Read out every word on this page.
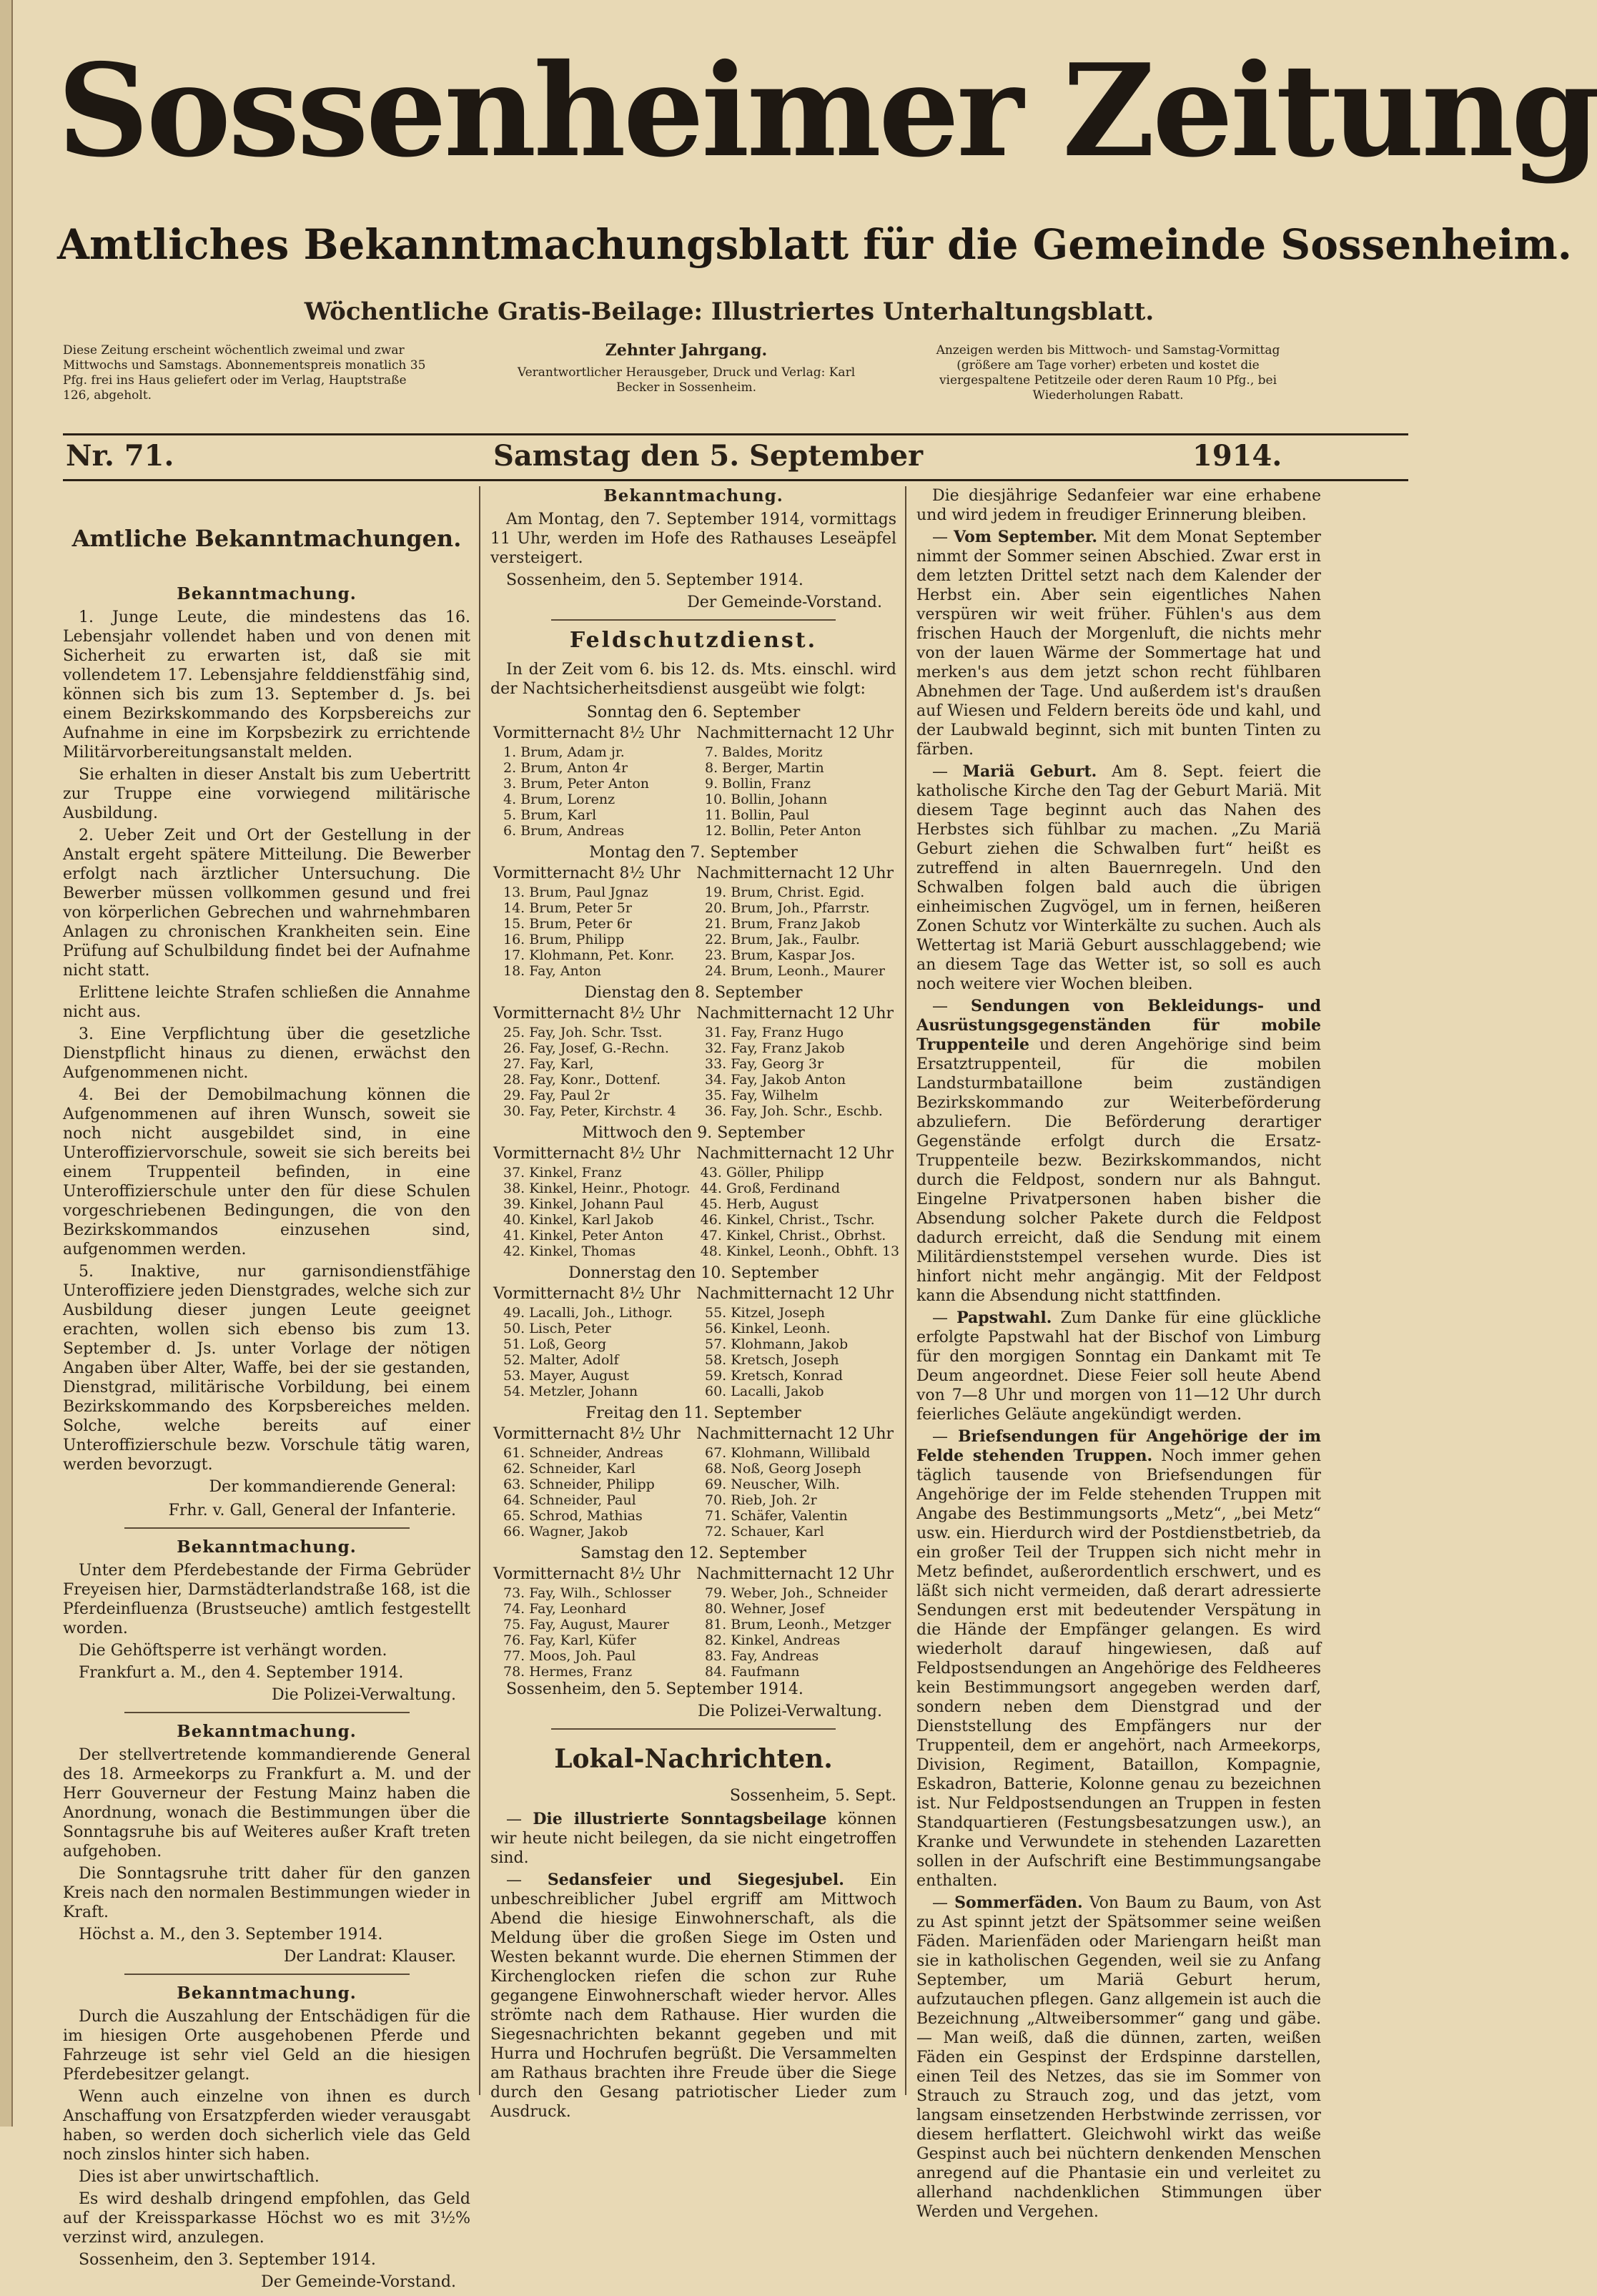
Sossenheimer Zeitung
Amtliches Bekanntmachungsblatt für die Gemeinde Sossenheim.
Wöchentliche Gratis-Beilage: Illustriertes Unterhaltungsblatt.
Diese Zeitung erscheint wöchentlich zweimal und zwar Mittwochs und Samstags. Abonnementspreis monatlich 35 Pfg. frei ins Haus geliefert oder im Verlag, Hauptstraße 126, abgeholt.
Zehnter Jahrgang.
Verantwortlicher Herausgeber, Druck und Verlag: Karl Becker in Sossenheim.
Anzeigen werden bis Mittwoch- und Samstag-Vormittag (größere am Tage vorher) erbeten und kostet die viergespaltene Petitzeile oder deren Raum 10 Pfg., bei Wiederholungen Rabatt.
Nr. 71.	Samstag den 5. September	1914.
Amtliche Bekanntmachungen.
Bekanntmachung.

1. Junge Leute, die mindestens das 16. Lebensjahr vollendet haben und von denen mit Sicherheit zu erwarten ist, daß sie mit vollendetem 17. Lebensjahre felddienstfähig sind, können sich bis zum 13. September d. Js. bei einem Bezirkskommando des Korpsbereichs zur Aufnahme in eine im Korpsbezirk zu errichtende Militärvorbereitungsanstalt melden.

Sie erhalten in dieser Anstalt bis zum Uebertritt zur Truppe eine vorwiegend militärische Ausbildung.

2. Ueber Zeit und Ort der Gestellung in der Anstalt ergeht spätere Mitteilung. Die Bewerber erfolgt nach ärztlicher Untersuchung. Die Bewerber müssen vollkommen gesund und frei von körperlichen Gebrechen und wahrnehmbaren Anlagen zu chronischen Krankheiten sein. Eine Prüfung auf Schulbildung findet bei der Aufnahme nicht statt.

Erlittene leichte Strafen schließen die Annahme nicht aus.

3. Eine Verpflichtung über die gesetzliche Dienstpflicht hinaus zu dienen, erwächst den Aufgenommenen nicht.

4. Bei der Demobilmachung können die Aufgenommenen auf ihren Wunsch, soweit sie noch nicht ausgebildet sind, in eine Unteroffiziervorschule, soweit sie sich bereits bei einem Truppenteil befinden, in eine Unteroffizierschule unter den für diese Schulen vorgeschriebenen Bedingungen, die von den Bezirkskommandos einzusehen sind, aufgenommen werden.

5. Inaktive, nur garnisondienstfähige Unteroffiziere jeden Dienstgrades, welche sich zur Ausbildung dieser jungen Leute geeignet erachten, wollen sich ebenso bis zum 13. September d. Js. unter Vorlage der nötigen Angaben über Alter, Waffe, bei der sie gestanden, Dienstgrad, militärische Vorbildung, bei einem Bezirkskommando des Korpsbereiches melden. Solche, welche bereits auf einer Unteroffizierschule bezw. Vorschule tätig waren, werden bevorzugt.

Der kommandierende General:
Frhr. v. Gall, General der Infanterie.
Bekanntmachung.

Unter dem Pferdebestande der Firma Gebrüder Freyeisen hier, Darmstädterlandstraße 168, ist die Pferdeinfluenza (Brustseuche) amtlich festgestellt worden.

Die Gehöftsperre ist verhängt worden.

Frankfurt a. M., den 4. September 1914.

Die Polizei-Verwaltung.
Bekanntmachung.

Der stellvertretende kommandierende General des 18. Armeekorps zu Frankfurt a. M. und der Herr Gouverneur der Festung Mainz haben die Anordnung, wonach die Bestimmungen über die Sonntagsruhe bis auf Weiteres außer Kraft treten aufgehoben.

Die Sonntagsruhe tritt daher für den ganzen Kreis nach den normalen Bestimmungen wieder in Kraft.

Höchst a. M., den 3. September 1914.

Der Landrat: Klauser.
Bekanntmachung.

Durch die Auszahlung der Entschädigen für die im hiesigen Orte ausgehobenen Pferde und Fahrzeuge ist sehr viel Geld an die hiesigen Pferdebesitzer gelangt.

Wenn auch einzelne von ihnen es durch Anschaffung von Ersatzpferden wieder verausgabt haben, so werden doch sicherlich viele das Geld noch zinslos hinter sich haben.

Dies ist aber unwirtschaftlich.

Es wird deshalb dringend empfohlen, das Geld auf der Kreissparkasse Höchst wo es mit 3½% verzinst wird, anzulegen.

Sossenheim, den 3. September 1914.

Der Gemeinde-Vorstand.
Bekanntmachung.

Am Montag, den 7. September 1914, vormittags 11 Uhr, werden im Hofe des Rathauses Leseäpfel versteigert.

Sossenheim, den 5. September 1914.

Der Gemeinde-Vorstand.
Feldschutzdienst.

In der Zeit vom 6. bis 12. ds. Mts. einschl. wird der Nachtsicherheitsdienst ausgeübt wie folgt:

Sonntag den 6. September
Vormitternacht 8½ Uhr Nachmitternacht 12 Uhr
1. Brum, Adam jr.	7. Baldes, Moritz
2. Brum, Anton 4r	8. Berger, Martin
3. Brum, Peter Anton	9. Bollin, Franz
4. Brum, Lorenz	10. Bollin, Johann
5. Brum, Karl	11. Bollin, Paul
6. Brum, Andreas	12. Bollin, Peter Anton
Montag den 7. September
Vormitternacht 8½ Uhr Nachmitternacht 12 Uhr
13. Brum, Paul Jgnaz	19. Brum, Christ. Egid.
14. Brum, Peter 5r	20. Brum, Joh., Pfarrstr.
15. Brum, Peter 6r	21. Brum, Franz Jakob
16. Brum, Philipp	22. Brum, Jak., Faulbr.
17. Klohmann, Pet. Konr.	23. Brum, Kaspar Jos.
18. Fay, Anton	24. Brum, Leonh., Maurer
Dienstag den 8. September
Vormitternacht 8½ Uhr Nachmitternacht 12 Uhr
25. Fay, Joh. Schr. Tsst.	31. Fay, Franz Hugo
26. Fay, Josef, G.-Rechn.	32. Fay, Franz Jakob
27. Fay, Karl,	33. Fay, Georg 3r
28. Fay, Konr., Dottenf.	34. Fay, Jakob Anton
29. Fay, Paul 2r	35. Fay, Wilhelm
30. Fay, Peter, Kirchstr. 4	36. Fay, Joh. Schr., Eschb.
Mittwoch den 9. September
Vormitternacht 8½ Uhr Nachmitternacht 12 Uhr
37. Kinkel, Franz	43. Göller, Philipp
38. Kinkel, Heinr., Photogr. 44. Groß, Ferdinand
39. Kinkel, Johann Paul	45. Herb, August
40. Kinkel, Karl Jakob	46. Kinkel, Christ., Tschr.
41. Kinkel, Peter Anton	47. Kinkel, Christ., Obrhst.
42. Kinkel, Thomas	48. Kinkel, Leonh., Obhft. 13
Donnerstag den 10. September
Vormitternacht 8½ Uhr Nachmitternacht 12 Uhr
49. Lacalli, Joh., Lithogr.	55. Kitzel, Joseph
50. Lisch, Peter	56. Kinkel, Leonh.
51. Loß, Georg	57. Klohmann, Jakob
52. Malter, Adolf	58. Kretsch, Joseph
53. Mayer, August	59. Kretsch, Konrad
54. Metzler, Johann	60. Lacalli, Jakob
Freitag den 11. September
Vormitternacht 8½ Uhr Nachmitternacht 12 Uhr
61. Schneider, Andreas	67. Klohmann, Willibald
62. Schneider, Karl	68. Noß, Georg Joseph
63. Schneider, Philipp	69. Neuscher, Wilh.
64. Schneider, Paul	70. Rieb, Joh. 2r
65. Schrod, Mathias	71. Schäfer, Valentin
66. Wagner, Jakob	72. Schauer, Karl
Samstag den 12. September
Vormitternacht 8½ Uhr Nachmitternacht 12 Uhr
73. Fay, Wilh., Schlosser	79. Weber, Joh., Schneider
74. Fay, Leonhard	80. Wehner, Josef
75. Fay, August, Maurer	81. Brum, Leonh., Metzger
76. Fay, Karl, Küfer	82. Kinkel, Andreas
77. Moos, Joh. Paul	83. Fay, Andreas
78. Hermes, Franz	84. Faufmann

Sossenheim, den 5. September 1914.

Die Polizei-Verwaltung.
Lokal-Nachrichten.
Sossenheim, 5. Sept.

— Die illustrierte Sonntagsbeilage können wir heute nicht beilegen, da sie nicht eingetroffen sind.

— Sedansfeier und Siegesjubel. Ein unbeschreiblicher Jubel ergriff am Mittwoch Abend die hiesige Einwohnerschaft, als die Meldung über die großen Siege im Osten und Westen bekannt wurde. Die ehernen Stimmen der Kirchenglocken riefen die schon zur Ruhe gegangene Einwohnerschaft wieder hervor. Alles strömte nach dem Rathause. Hier wurden die Siegesnachrichten bekannt gegeben und mit Hurra und Hochrufen begrüßt. Die Versammelten am Rathaus brachten ihre Freude über die Siege durch den Gesang patriotischer Lieder zum Ausdruck.

Die diesjährige Sedanfeier war eine erhabene und wird jedem in freudiger Erinnerung bleiben.

— Vom September. Mit dem Monat September nimmt der Sommer seinen Abschied. Zwar erst in dem letzten Drittel setzt nach dem Kalender der Herbst ein. Aber sein eigentliches Nahen verspüren wir weit früher. Fühlen's aus dem frischen Hauch der Morgenluft, die nichts mehr von der lauen Wärme der Sommertage hat und merken's aus dem jetzt schon recht fühlbaren Abnehmen der Tage. Und außerdem ist's draußen auf Wiesen und Feldern bereits öde und kahl, und der Laubwald beginnt, sich mit bunten Tinten zu färben.

— Mariä Geburt. Am 8. Sept. feiert die katholische Kirche den Tag der Geburt Mariä. Mit diesem Tage beginnt auch das Nahen des Herbstes sich fühlbar zu machen. „Zu Mariä Geburt ziehen die Schwalben furt“ heißt es zutreffend in alten Bauernregeln. Und den Schwalben folgen bald auch die übrigen einheimischen Zugvögel, um in fernen, heißeren Zonen Schutz vor Winterkälte zu suchen. Auch als Wettertag ist Mariä Geburt ausschlaggebend; wie an diesem Tage das Wetter ist, so soll es auch noch weitere vier Wochen bleiben.

— Sendungen von Bekleidungs- und Ausrüstungsgegenständen für mobile Truppenteile und deren Angehörige sind beim Ersatztruppenteil, für die mobilen Landsturmbataillone beim zuständigen Bezirkskommando zur Weiterbeförderung abzuliefern. Die Beförderung derartiger Gegenstände erfolgt durch die Ersatz-Truppenteile bezw. Bezirkskommandos, nicht durch die Feldpost, sondern nur als Bahngut. Eingelne Privatpersonen haben bisher die Absendung solcher Pakete durch die Feldpost dadurch erreicht, daß die Sendung mit einem Militärdienststempel versehen wurde. Dies ist hinfort nicht mehr angängig. Mit der Feldpost kann die Absendung nicht stattfinden.

— Papstwahl. Zum Danke für eine glückliche erfolgte Papstwahl hat der Bischof von Limburg für den morgigen Sonntag ein Dankamt mit Te Deum angeordnet. Diese Feier soll heute Abend von 7—8 Uhr und morgen von 11—12 Uhr durch feierliches Geläute angekündigt werden.

— Briefsendungen für Angehörige der im Felde stehenden Truppen. Noch immer gehen täglich tausende von Briefsendungen für Angehörige der im Felde stehenden Truppen mit Angabe des Bestimmungsorts „Metz“, „bei Metz“ usw. ein. Hierdurch wird der Postdienstbetrieb, da ein großer Teil der Truppen sich nicht mehr in Metz befindet, außerordentlich erschwert, und es läßt sich nicht vermeiden, daß derart adressierte Sendungen erst mit bedeutender Verspätung in die Hände der Empfänger gelangen. Es wird wiederholt darauf hingewiesen, daß auf Feldpostsendungen an Angehörige des Feldheeres kein Bestimmungsort angegeben werden darf, sondern neben dem Dienstgrad und der Dienststellung des Empfängers nur der Truppenteil, dem er angehört, nach Armeekorps, Division, Regiment, Bataillon, Kompagnie, Eskadron, Batterie, Kolonne genau zu bezeichnen ist. Nur Feldpostsendungen an Truppen in festen Standquartieren (Festungsbesatzungen usw.), an Kranke und Verwundete in stehenden Lazaretten sollen in der Aufschrift eine Bestimmungsangabe enthalten.

— Sommerfäden. Von Baum zu Baum, von Ast zu Ast spinnt jetzt der Spätsommer seine weißen Fäden. Marienfäden oder Mariengarn heißt man sie in katholischen Gegenden, weil sie zu Anfang September, um Mariä Geburt herum, aufzutauchen pflegen. Ganz allgemein ist auch die Bezeichnung „Altweibersommer“ gang und gäbe. — Man weiß, daß die dünnen, zarten, weißen Fäden ein Gespinst der Erdspinne darstellen, einen Teil des Netzes, das sie im Sommer von Strauch zu Strauch zog, und das jetzt, vom langsam einsetzenden Herbstwinde zerrissen, vor diesem herflattert. Gleichwohl wirkt das weiße Gespinst auch bei nüchtern denkenden Menschen anregend auf die Phantasie ein und verleitet zu allerhand nachdenklichen Stimmungen über Werden und Vergehen.
